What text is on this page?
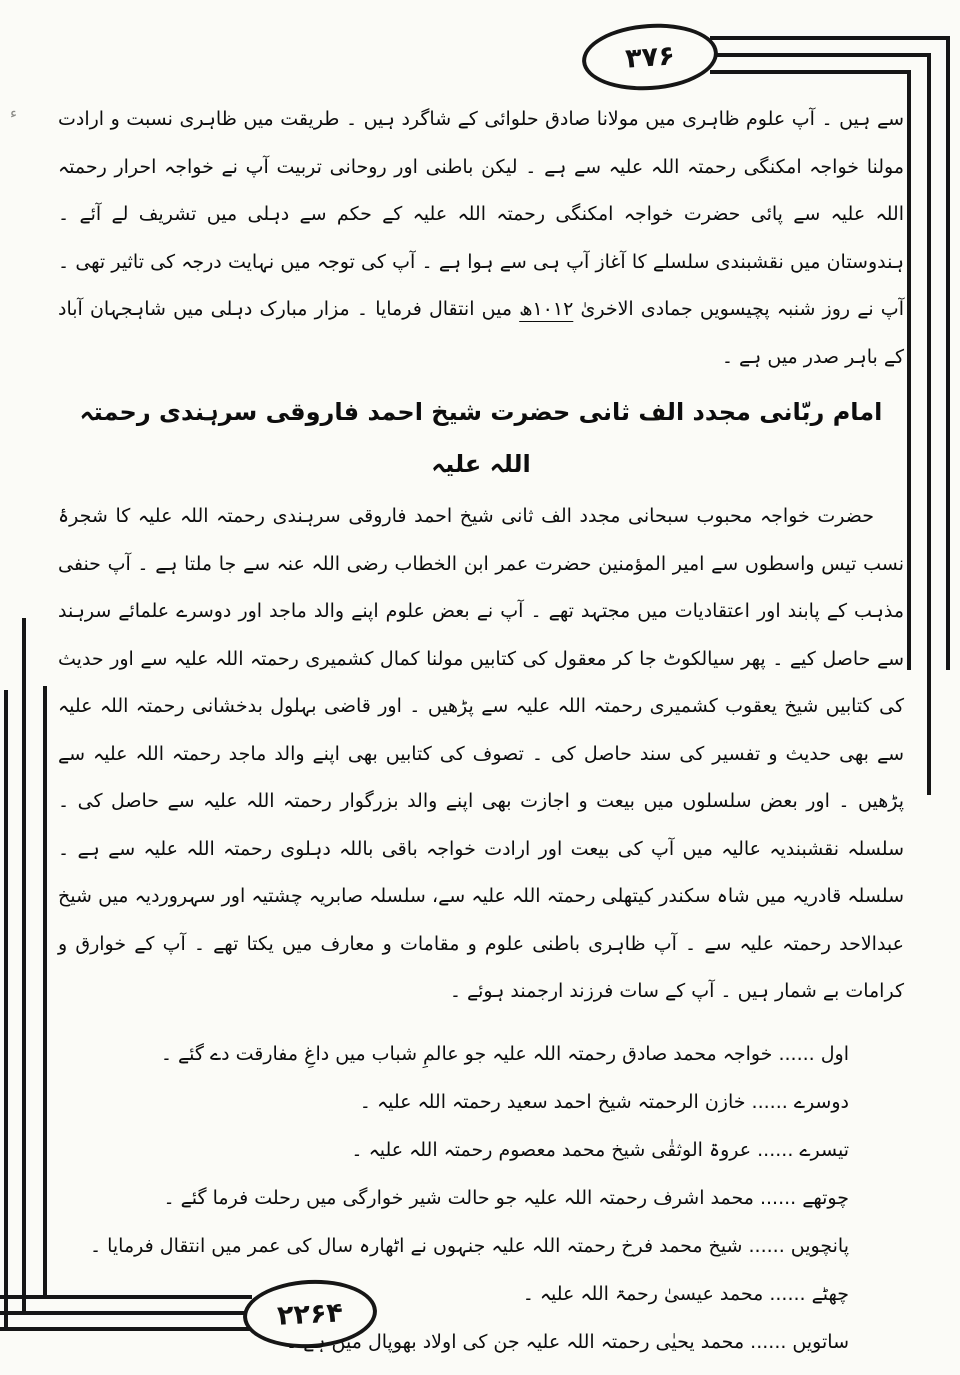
۳۷۶
۲۲۶۴
ء سے ہیں ۔ آپ علوم ظاہری میں مولانا صادق حلوائی کے شاگرد ہیں ۔ طریقت میں ظاہری نسبت و ارادت مولنا خواجہ امکنگی رحمتہ اللہ علیہ سے ہے ۔ لیکن باطنی اور روحانی تربیت آپ نے خواجہ احرار رحمتہ اللہ علیہ سے پائی حضرت خواجہ امکنگی رحمتہ اللہ علیہ کے حکم سے دہلی میں تشریف لے آئے ۔ ہندوستان میں نقشبندی سلسلے کا آغاز آپ ہی سے ہوا ہے ۔ آپ کی توجہ میں نہایت درجہ کی تاثیر تھی ۔ آپ نے روز شنبہ پچیسویں جمادی الاخریٰ ۱۰۱۲ھ میں انتقال فرمایا ۔ مزار مبارک دہلی میں شاہجہان آباد کے باہر صدر میں ہے ۔

امام ربّانی مجدد الف ثانی حضرت شیخ احمد فاروقی سرہندی رحمتہ اللہ علیہ

حضرت خواجہ محبوب سبحانی مجدد الف ثانی شیخ احمد فاروقی سرہندی رحمتہ اللہ علیہ کا شجرۂ نسب تیس واسطوں سے امیر المؤمنین حضرت عمر ابن الخطاب رضی اللہ عنہ سے جا ملتا ہے ۔ آپ حنفی مذہب کے پابند اور اعتقادیات میں مجتہد تھے ۔ آپ نے بعض علوم اپنے والد ماجد اور دوسرے علمائے سرہند سے حاصل کیے ۔ پھر سیالکوٹ جا کر معقول کی کتابیں مولنا کمال کشمیری رحمتہ اللہ علیہ سے اور حدیث کی کتابیں شیخ یعقوب کشمیری رحمتہ اللہ علیہ سے پڑھیں ۔ اور قاضی بہلول بدخشانی رحمتہ اللہ علیہ سے بھی حدیث و تفسیر کی سند حاصل کی ۔ تصوف کی کتابیں بھی اپنے والد ماجد رحمتہ اللہ علیہ سے پڑھیں ۔ اور بعض سلسلوں میں بیعت و اجازت بھی اپنے والد بزرگوار رحمتہ اللہ علیہ سے حاصل کی ۔ سلسلہ نقشبندیہ عالیہ میں آپ کی بیعت اور ارادت خواجہ باقی باللہ دہلوی رحمتہ اللہ علیہ سے ہے ۔ سلسلہ قادریہ میں شاہ سکندر کیتھلی رحمتہ اللہ علیہ سے، سلسلہ صابریہ چشتیہ اور سہروردیہ میں شیخ عبدالاحد رحمتہ علیہ سے ۔ آپ ظاہری باطنی علوم و مقامات و معارف میں یکتا تھے ۔ آپ کے خوارق و کرامات بے شمار ہیں ۔ آپ کے سات فرزند ارجمند ہوئے ۔

اول ...... خواجہ محمد صادق رحمتہ اللہ علیہ جو عالمِ شباب میں داغِ مفارقت دے گئے ۔
دوسرے ...... خازن الرحمتہ شیخ احمد سعید رحمتہ اللہ علیہ ۔
تیسرے ...... عروۃ الوثقٰی شیخ محمد معصوم رحمتہ اللہ علیہ ۔
چوتھے ...... محمد اشرف رحمتہ اللہ علیہ جو حالت شیر خوارگی میں رحلت فرما گئے ۔
پانچویں ...... شیخ محمد فرخ رحمتہ اللہ علیہ جنہوں نے اٹھارہ سال کی عمر میں انتقال فرمایا ۔
چھٹے ...... محمد عیسیٰ رحمۃ اللہ علیہ ۔
ساتویں ...... محمد یحیٰی رحمتہ اللہ علیہ جن کی اولاد بھوپال میں ہے ۔
